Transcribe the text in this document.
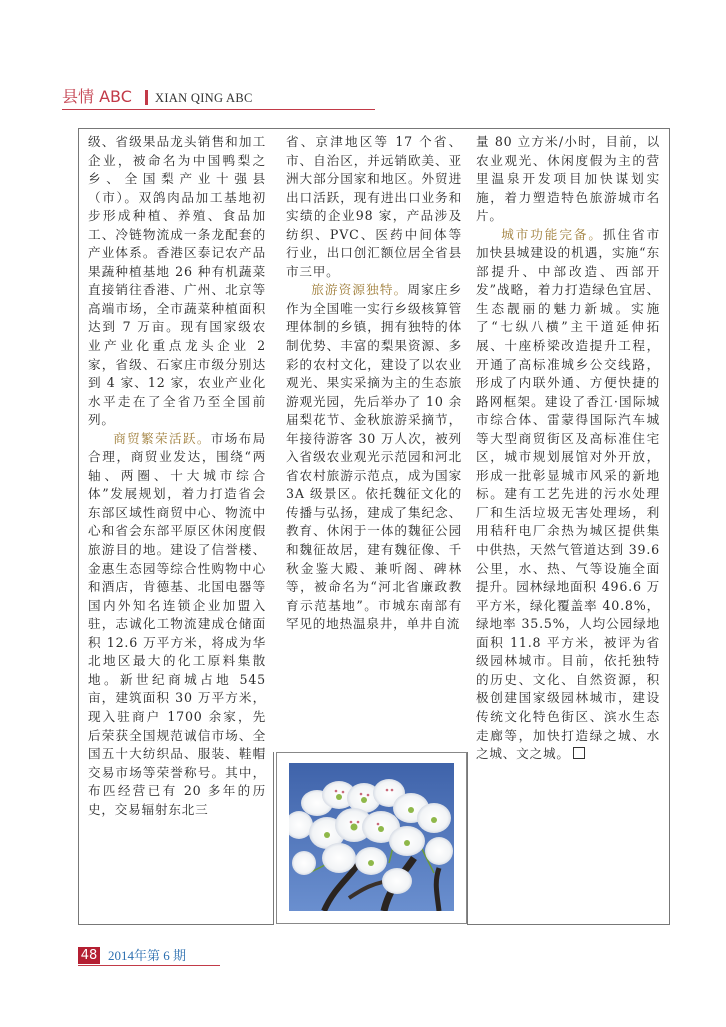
县情 ABC XIAN QING ABC

级、省级果品龙头销售和加工企业，被命名为中国鸭梨之乡、全国梨产业十强县（市）。双鸽肉品加工基地初步形成种植、养殖、食品加工、冷链物流成一条龙配套的产业体系。香港区泰记农产品果蔬种植基地 26 种有机蔬菜直接销往香港、广州、北京等高端市场，全市蔬菜种植面积达到 7 万亩。现有国家级农业产业化重点龙头企业 2 家，省级、石家庄市级分别达到 4 家、12 家，农业产业化水平走在了全省乃至全国前列。

商贸繁荣活跃。市场布局合理，商贸业发达，围绕“两轴、两圈、十大城市综合体”发展规划，着力打造省会东部区域性商贸中心、物流中心和省会东部平原区休闲度假旅游目的地。建设了信誉楼、金惠生态园等综合性购物中心和酒店，肯德基、北国电器等国内外知名连锁企业加盟入驻，志诚化工物流建成仓储面积 12.6 万平方米，将成为华北地区最大的化工原料集散地。新世纪商城占地 545 亩，建筑面积 30 万平方米，现入驻商户 1700 余家，先后荣获全国规范诚信市场、全国五十大纺织品、服装、鞋帽交易市场等荣誉称号。其中，布匹经营已有 20 多年的历史，交易辐射东北三

省、京津地区等 17 个省、市、自治区，并远销欧美、亚洲大部分国家和地区。外贸进出口活跃，现有进出口业务和实绩的企业98 家，产品涉及纺织、PVC、医药中间体等行业，出口创汇额位居全省县市三甲。

旅游资源独特。周家庄乡作为全国唯一实行乡级核算管理体制的乡镇，拥有独特的体制优势、丰富的梨果资源、多彩的农村文化，建设了以农业观光、果实采摘为主的生态旅游观光园，先后举办了 10 余届梨花节、金秋旅游采摘节，年接待游客 30 万人次，被列入省级农业观光示范园和河北省农村旅游示范点，成为国家 3A 级景区。依托魏征文化的传播与弘扬，建成了集纪念、教育、休闲于一体的魏征公园和魏征故居，建有魏征像、千秋金鉴大殿、兼听阁、碑林等，被命名为“河北省廉政教育示范基地”。市城东南部有罕见的地热温泉井，单井自流

量 80 立方米/小时，目前，以农业观光、休闲度假为主的营里温泉开发项目加快谋划实施，着力塑造特色旅游城市名片。

城市功能完备。抓住省市加快县城建设的机遇，实施“东部提升、中部改造、西部开发”战略，着力打造绿色宜居、生态靓丽的魅力新城。实施了“七纵八横”主干道延伸拓展、十座桥梁改造提升工程，开通了高标准城乡公交线路，形成了内联外通、方便快捷的路网框架。建设了香江·国际城市综合体、雷蒙得国际汽车城等大型商贸街区及高标准住宅区，城市规划展馆对外开放，形成一批彰显城市风采的新地标。建有工艺先进的污水处理厂和生活垃圾无害处理场，利用秸秆电厂余热为城区提供集中供热，天然气管道达到 39.6 公里，水、热、气等设施全面提升。园林绿地面积 496.6 万平方米，绿化覆盖率 40.8%，绿地率 35.5%，人均公园绿地面积 11.8 平方米，被评为省级园林城市。目前，依托独特的历史、文化、自然资源，积极创建国家级园林城市，建设传统文化特色街区、滨水生态走廊等，加快打造绿之城、水之城、文之城。

48 2014年第 6 期
